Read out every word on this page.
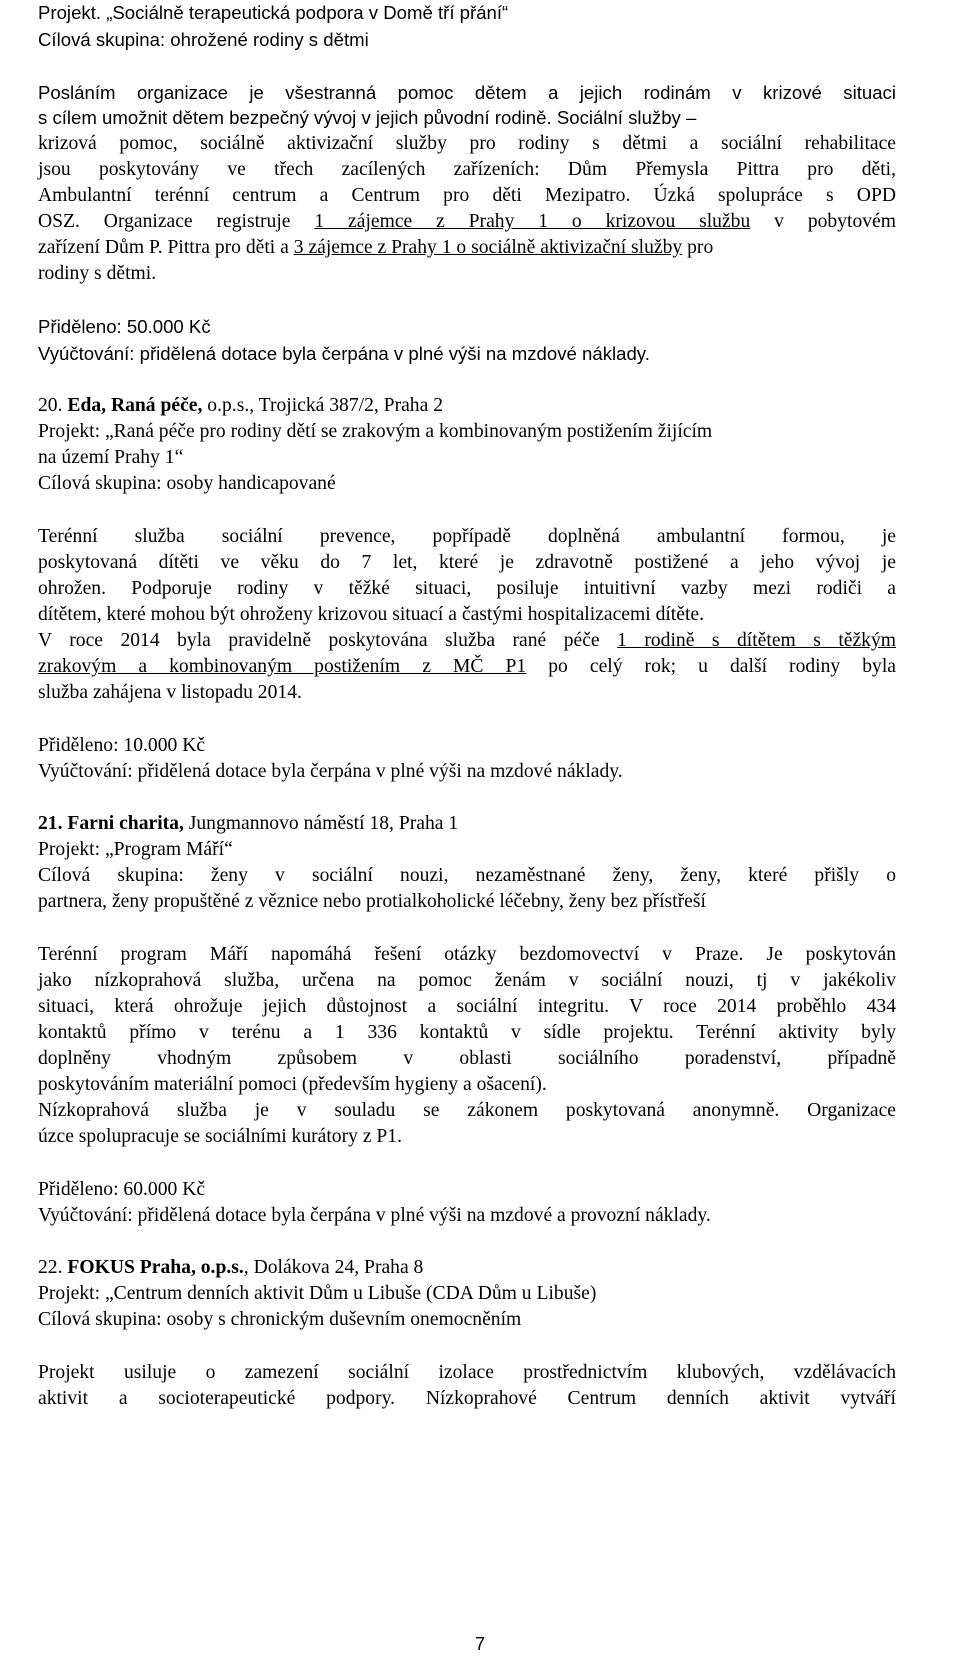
Projekt. „Sociálně terapeutická podpora v Domě tří přání“
Cílová skupina: ohrožené rodiny s dětmi
Posláním organizace je všestranná pomoc dětem a jejich rodinám v krizové situaci
s cílem umožnit dětem bezpečný vývoj v jejich původní rodině. Sociální služby –
krizová pomoc, sociálně aktivizační služby pro rodiny s dětmi a sociální rehabilitace
jsou poskytovány ve třech zacílených zařízeních: Dům Přemysla Pittra pro děti,
Ambulantní terénní centrum a Centrum pro děti Mezipatro. Úzká spolupráce s OPD
OSZ. Organizace registruje 1 zájemce z Prahy 1 o krizovou službu v pobytovém
zařízení Dům P. Pittra pro děti a 3 zájemce z Prahy 1 o sociálně aktivizační služby pro
rodiny s dětmi.
Přiděleno: 50.000 Kč
Vyúčtování: přidělená dotace byla čerpána v plné výši na mzdové náklady.
20. Eda, Raná péče, o.p.s., Trojická 387/2, Praha 2
Projekt: „Raná péče pro rodiny dětí se zrakovým a kombinovaným postižením žijícím
na území Prahy 1“
Cílová skupina: osoby handicapované
Terénní služba sociální prevence, popřípadě doplněná ambulantní formou, je
poskytovaná dítěti ve věku do 7 let, které je zdravotně postižené a jeho vývoj je
ohrožen. Podporuje rodiny v těžké situaci, posiluje intuitivní vazby mezi rodiči a
dítětem, které mohou být ohroženy krizovou situací a častými hospitalizacemi dítěte.
V roce 2014 byla pravidelně poskytována služba rané péče 1 rodině s dítětem s těžkým
zrakovým a kombinovaným postižením z MČ P1 po celý rok; u další rodiny byla
služba zahájena v listopadu 2014.
Přiděleno: 10.000 Kč
Vyúčtování: přidělená dotace byla čerpána v plné výši na mzdové náklady.
21. Farni charita, Jungmannovo náměstí 18, Praha 1
Projekt: „Program Máří“
Cílová skupina: ženy v sociální nouzi, nezaměstnané ženy, ženy, které přišly o
partnera, ženy propuštěné z věznice nebo protialkoholické léčebny, ženy bez přístřeší
Terénní program Máří napomáhá řešení otázky bezdomovectví v Praze. Je poskytován
jako nízkoprahová služba, určena na pomoc ženám v sociální nouzi, tj v jakékoliv
situaci, která ohrožuje jejich důstojnost a sociální integritu. V roce 2014 proběhlo 434
kontaktů přímo v terénu a 1 336 kontaktů v sídle projektu. Terénní aktivity byly
doplněny vhodným způsobem v oblasti sociálního poradenství, případně
poskytováním materiální pomoci (především hygieny a ošacení).
Nízkoprahová služba je v souladu se zákonem poskytovaná anonymně. Organizace
úzce spolupracuje se sociálními kurátory z P1.
Přiděleno: 60.000 Kč
Vyúčtování: přidělená dotace byla čerpána v plné výši na mzdové a provozní náklady.
22. FOKUS Praha, o.p.s., Dolákova 24, Praha 8
Projekt: „Centrum denních aktivit Dům u Libuše (CDA Dům u Libuše)
Cílová skupina: osoby s chronickým duševním onemocněním
Projekt usiluje o zamezení sociální izolace prostřednictvím klubových, vzdělávacích
aktivit a socioterapeutické podpory. Nízkoprahové Centrum denních aktivit vytváří
7
